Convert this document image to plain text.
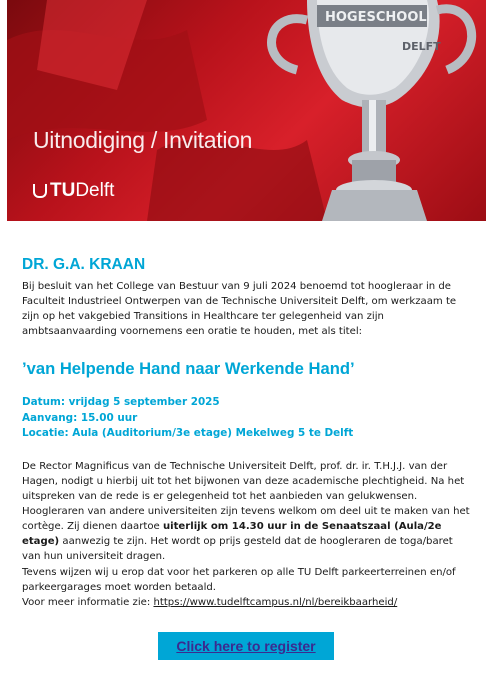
HOGESCHOOL
DELFT
Uitnodiging / Invitation
TU Delft
DR. G.A. KRAAN

Bij besluit van het College van Bestuur van 9 juli 2024 benoemd tot hoogleraar in de Faculteit Industrieel Ontwerpen van de Technische Universiteit Delft, om werkzaam te zijn op het vakgebied Transitions in Healthcare ter gelegenheid van zijn ambtsaanvaarding voornemens een oratie te houden, met als titel:

’van Helpende Hand naar Werkende Hand’
Datum: vrijdag 5 september 2025
Aanvang: 15.00 uur
Locatie: Aula (Auditorium/3e etage) Mekelweg 5 te Delft

De Rector Magnificus van de Technische Universiteit Delft, prof. dr. ir. T.H.J.J. van der Hagen, nodigt u hierbij uit tot het bijwonen van deze academische plechtigheid. Na het uitspreken van de rede is er gelegenheid tot het aanbieden van gelukwensen.

Hoogleraren van andere universiteiten zijn tevens welkom om deel uit te maken van het cortège. Zij dienen daartoe uiterlijk om 14.30 uur in de Senaatszaal (Aula/2e etage) aanwezig te zijn. Het wordt op prijs gesteld dat de hoogleraren de toga/baret van hun universiteit dragen.

Tevens wijzen wij u erop dat voor het parkeren op alle TU Delft parkeerterreinen en/of parkeergarages moet worden betaald.

Voor meer informatie zie: https://www.tudelftcampus.nl/nl/bereikbaarheid/

Click here to register
